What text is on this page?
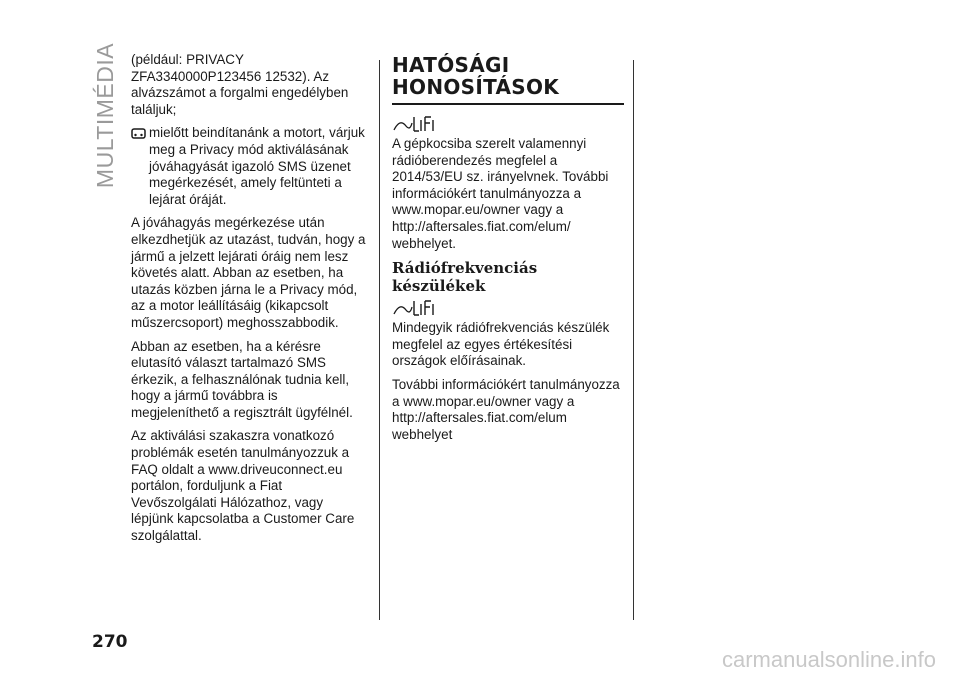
MULTIMÉDIA
270

(például: PRIVACY ZFA3340000P123456 12532). Az alvázszámot a forgalmi engedélyben találjuk;

mielőtt beindítanánk a motort, várjuk meg a Privacy mód aktiválásának jóváhagyását igazoló SMS üzenet megérkezését, amely feltünteti a lejárat óráját.

A jóváhagyás megérkezése után elkezdhetjük az utazást, tudván, hogy a jármű a jelzett lejárati óráig nem lesz követés alatt. Abban az esetben, ha utazás közben járna le a Privacy mód, az a motor leállításáig (kikapcsolt műszercsoport) meghosszabbodik.

Abban az esetben, ha a kérésre elutasító választ tartalmazó SMS érkezik, a felhasználónak tudnia kell, hogy a jármű továbbra is megjeleníthető a regisztrált ügyfélnél.

Az aktiválási szakaszra vonatkozó problémák esetén tanulmányozzuk a FAQ oldalt a www.driveuconnect.eu portálon, forduljunk a Fiat Vevőszolgálati Hálózathoz, vagy lépjünk kapcsolatba a Customer Care szolgálattal.

HATÓSÁGI HONOSÍTÁSOK

A gépkocsiba szerelt valamennyi rádióberendezés megfelel a 2014/53/EU sz. irányelvnek. További információkért tanulmányozza a www.mopar.eu/owner vagy a http://aftersales.fiat.com/elum/ webhelyet.

Rádiófrekvenciás készülékek

Mindegyik rádiófrekvenciás készülék megfelel az egyes értékesítési országok előírásainak.

További információkért tanulmányozza a www.mopar.eu/owner vagy a http://aftersales.fiat.com/elum webhelyet

carmanualsonline.info
